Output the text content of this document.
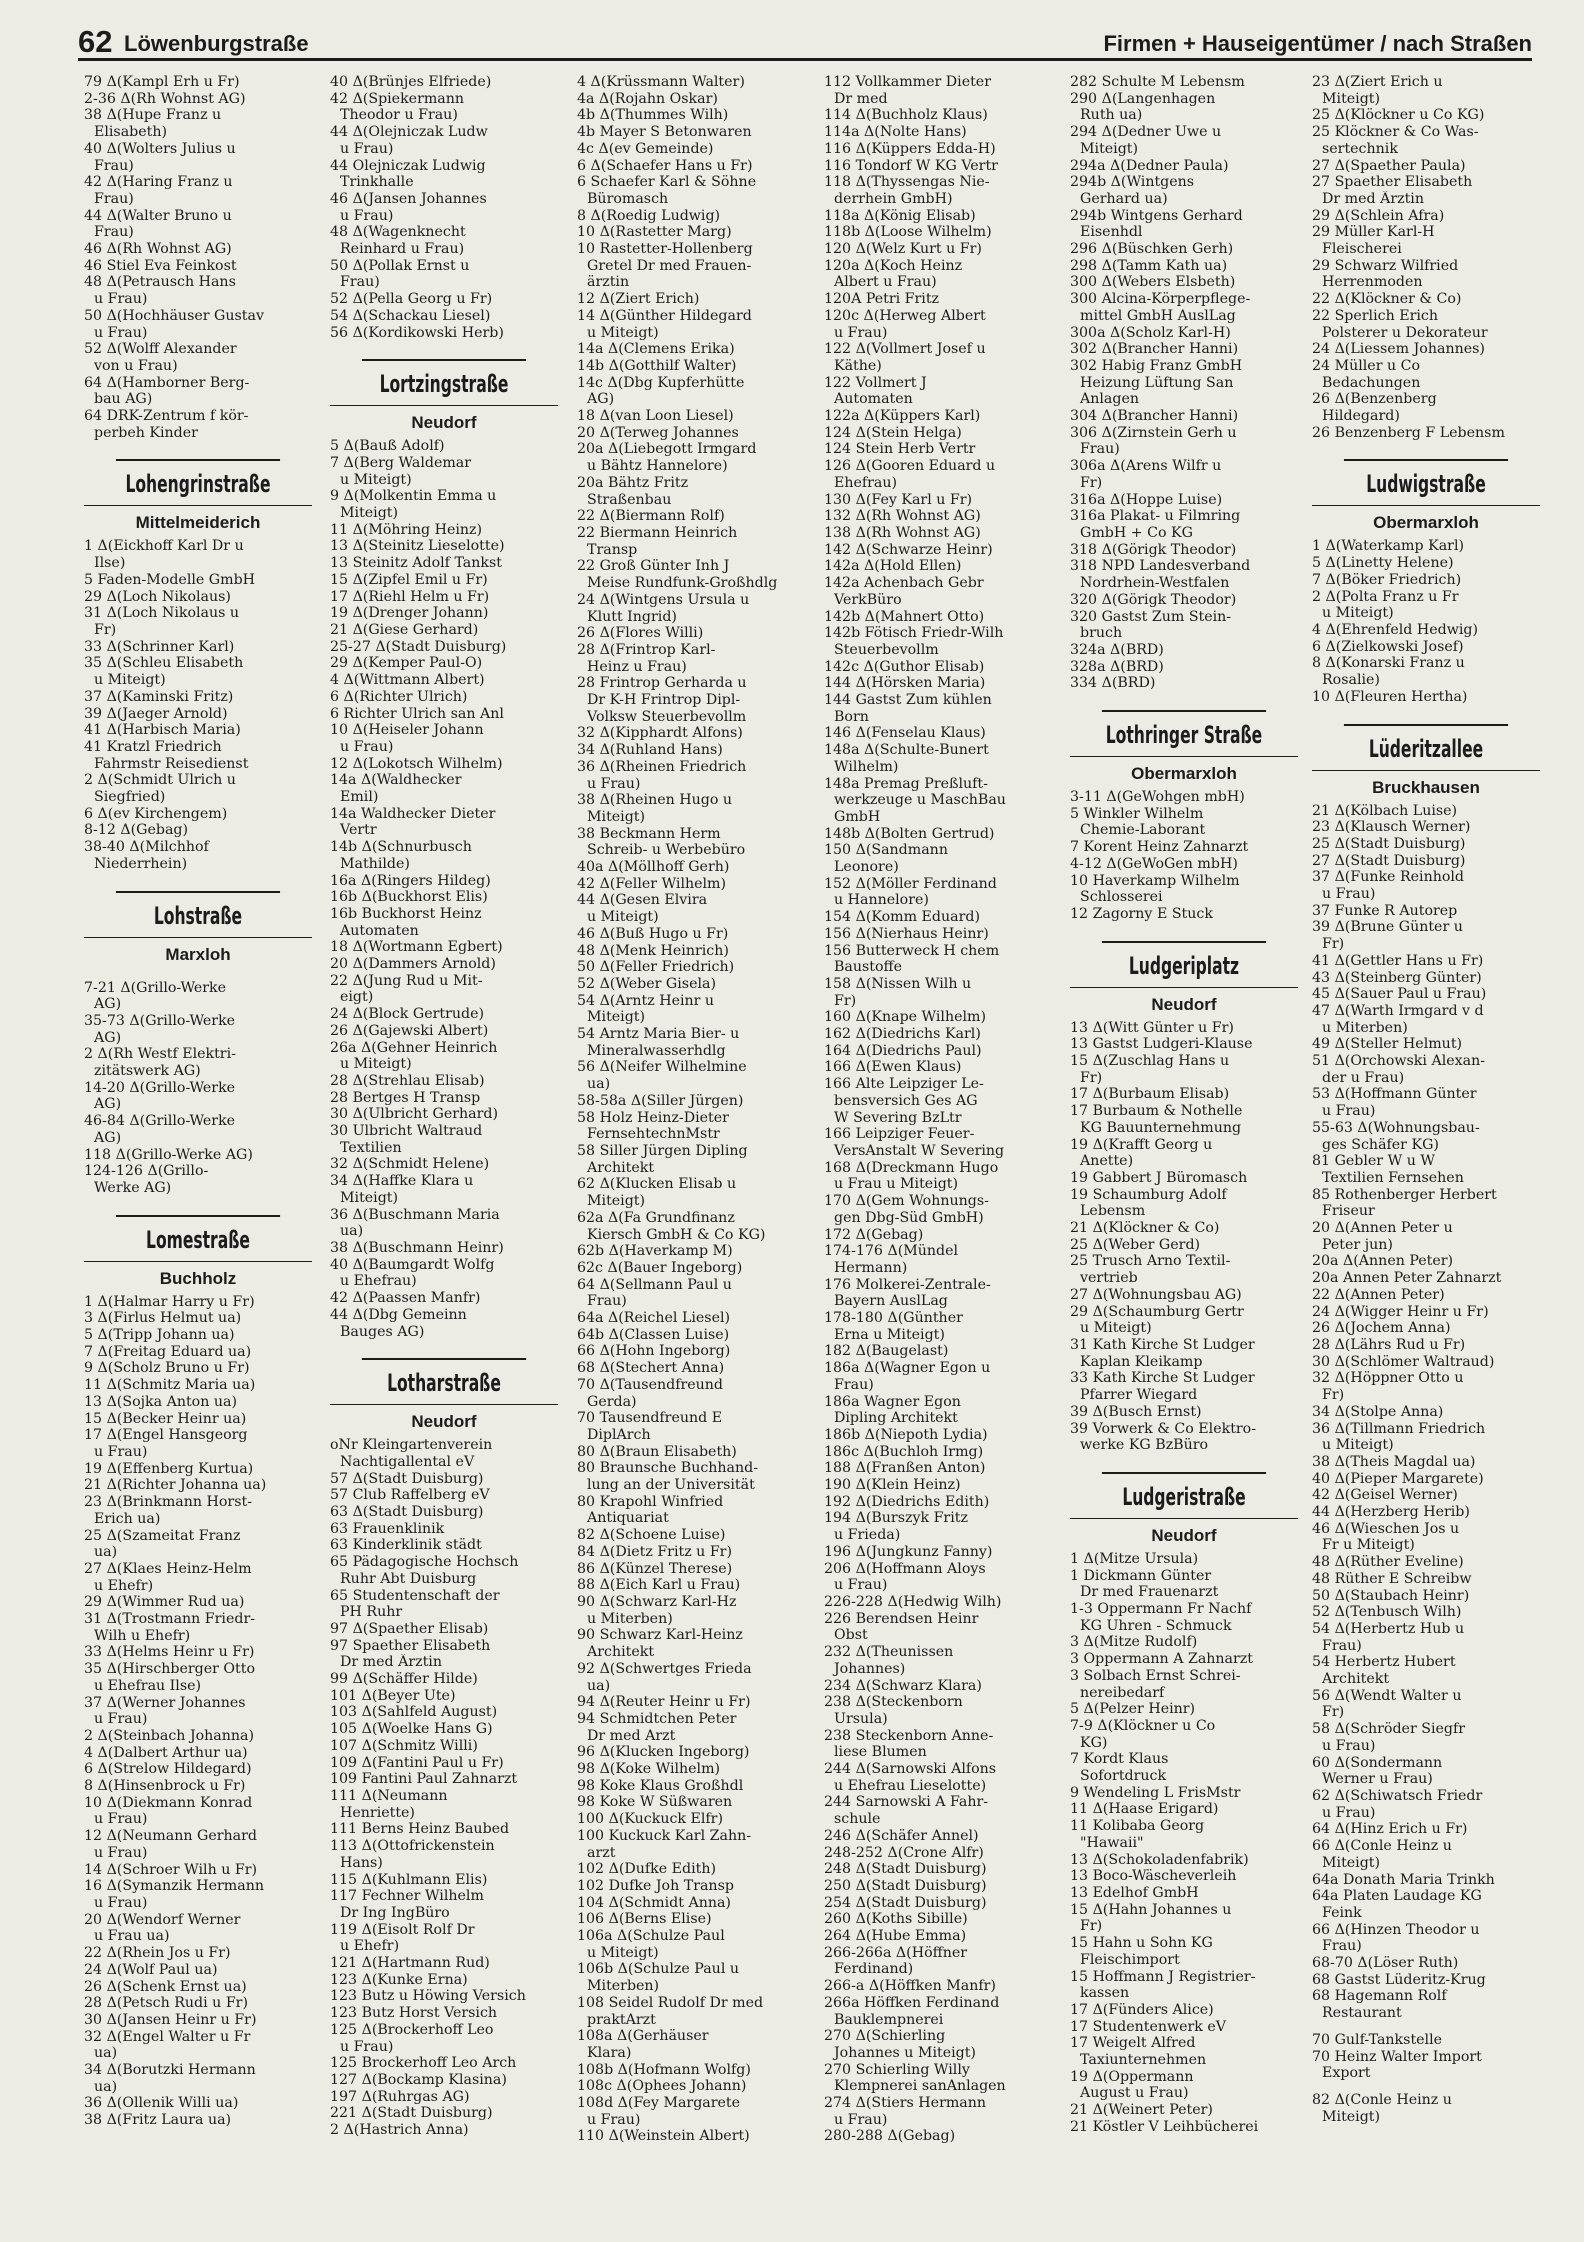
62 Löwenburgstraße	Firmen + Hauseigentümer / nach Straßen
79 Δ(Kampl Erh u Fr)
2-36 Δ(Rh Wohnst AG)
38 Δ(Hupe Franz u
Elisabeth)
40 Δ(Wolters Julius u
Frau)
42 Δ(Haring Franz u
Frau)
44 Δ(Walter Bruno u
Frau)
46 Δ(Rh Wohnst AG)
46 Stiel Eva Feinkost
48 Δ(Petrausch Hans
u Frau)
50 Δ(Hochhäuser Gustav
u Frau)
52 Δ(Wolff Alexander
von u Frau)
64 Δ(Hamborner Berg-
bau AG)
64 DRK-Zentrum f kör-
perbeh Kinder
Lohengrinstraße
Mittelmeiderich
1 Δ(Eickhoff Karl Dr u
Ilse)
5 Faden-Modelle GmbH
29 Δ(Loch Nikolaus)
31 Δ(Loch Nikolaus u
Fr)
33 Δ(Schrinner Karl)
35 Δ(Schleu Elisabeth
u Miteigt)
37 Δ(Kaminski Fritz)
39 Δ(Jaeger Arnold)
41 Δ(Harbisch Maria)
41 Kratzl Friedrich
Fahrmstr Reisedienst
2 Δ(Schmidt Ulrich u
Siegfried)
6 Δ(ev Kirchengem)
8-12 Δ(Gebag)
38-40 Δ(Milchhof
Niederrhein)
Lohstraße
Marxloh
7-21 Δ(Grillo-Werke
AG)
35-73 Δ(Grillo-Werke
AG)
2 Δ(Rh Westf Elektri-
zitätswerk AG)
14-20 Δ(Grillo-Werke
AG)
46-84 Δ(Grillo-Werke
AG)
118 Δ(Grillo-Werke AG)
124-126 Δ(Grillo-
Werke AG)
Lomestraße
Buchholz
1 Δ(Halmar Harry u Fr)
3 Δ(Firlus Helmut ua)
5 Δ(Tripp Johann ua)
7 Δ(Freitag Eduard ua)
9 Δ(Scholz Bruno u Fr)
11 Δ(Schmitz Maria ua)
13 Δ(Sojka Anton ua)
15 Δ(Becker Heinr ua)
17 Δ(Engel Hansgeorg
u Frau)
19 Δ(Effenberg Kurtua)
21 Δ(Richter Johanna ua)
23 Δ(Brinkmann Horst-
Erich ua)
25 Δ(Szameitat Franz
ua)
27 Δ(Klaes Heinz-Helm
u Ehefr)
29 Δ(Wimmer Rud ua)
31 Δ(Trostmann Friedr-
Wilh u Ehefr)
33 Δ(Helms Heinr u Fr)
35 Δ(Hirschberger Otto
u Ehefrau Ilse)
37 Δ(Werner Johannes
u Frau)
2 Δ(Steinbach Johanna)
4 Δ(Dalbert Arthur ua)
6 Δ(Strelow Hildegard)
8 Δ(Hinsenbrock u Fr)
10 Δ(Diekmann Konrad
u Frau)
12 Δ(Neumann Gerhard
u Frau)
14 Δ(Schroer Wilh u Fr)
16 Δ(Symanzik Hermann
u Frau)
20 Δ(Wendorf Werner
u Frau ua)
22 Δ(Rhein Jos u Fr)
24 Δ(Wolf Paul ua)
26 Δ(Schenk Ernst ua)
28 Δ(Petsch Rudi u Fr)
30 Δ(Jansen Heinr u Fr)
32 Δ(Engel Walter u Fr
ua)
34 Δ(Borutzki Hermann
ua)
36 Δ(Ollenik Willi ua)
38 Δ(Fritz Laura ua)
40 Δ(Brünjes Elfriede)
42 Δ(Spiekermann
Theodor u Frau)
44 Δ(Olejniczak Ludw
u Frau)
44 Olejniczak Ludwig
Trinkhalle
46 Δ(Jansen Johannes
u Frau)
48 Δ(Wagenknecht
Reinhard u Frau)
50 Δ(Pollak Ernst u
Frau)
52 Δ(Pella Georg u Fr)
54 Δ(Schackau Liesel)
56 Δ(Kordikowski Herb)
Lortzingstraße
Neudorf
5 Δ(Bauß Adolf)
7 Δ(Berg Waldemar
u Miteigt)
9 Δ(Molkentin Emma u
Miteigt)
11 Δ(Möhring Heinz)
13 Δ(Steinitz Lieselotte)
13 Steinitz Adolf Tankst
15 Δ(Zipfel Emil u Fr)
17 Δ(Riehl Helm u Fr)
19 Δ(Drenger Johann)
21 Δ(Giese Gerhard)
25-27 Δ(Stadt Duisburg)
29 Δ(Kemper Paul-O)
4 Δ(Wittmann Albert)
6 Δ(Richter Ulrich)
6 Richter Ulrich san Anl
10 Δ(Heiseler Johann
u Frau)
12 Δ(Lokotsch Wilhelm)
14a Δ(Waldhecker
Emil)
14a Waldhecker Dieter
Vertr
14b Δ(Schnurbusch
Mathilde)
16a Δ(Ringers Hildeg)
16b Δ(Buckhorst Elis)
16b Buckhorst Heinz
Automaten
18 Δ(Wortmann Egbert)
20 Δ(Dammers Arnold)
22 Δ(Jung Rud u Mit-
eigt)
24 Δ(Block Gertrude)
26 Δ(Gajewski Albert)
26a Δ(Gehner Heinrich
u Miteigt)
28 Δ(Strehlau Elisab)
28 Bertges H Transp
30 Δ(Ulbricht Gerhard)
30 Ulbricht Waltraud
Textilien
32 Δ(Schmidt Helene)
34 Δ(Haffke Klara u
Miteigt)
36 Δ(Buschmann Maria
ua)
38 Δ(Buschmann Heinr)
40 Δ(Baumgardt Wolfg
u Ehefrau)
42 Δ(Paassen Manfr)
44 Δ(Dbg Gemeinn
Bauges AG)
Lotharstraße
Neudorf
oNr Kleingartenverein
Nachtigallental eV
57 Δ(Stadt Duisburg)
57 Club Raffelberg eV
63 Δ(Stadt Duisburg)
63 Frauenklinik
63 Kinderklinik städt
65 Pädagogische Hochsch
Ruhr Abt Duisburg
65 Studentenschaft der
PH Ruhr
97 Δ(Spaether Elisab)
97 Spaether Elisabeth
Dr med Ärztin
99 Δ(Schäffer Hilde)
101 Δ(Beyer Ute)
103 Δ(Sahlfeld August)
105 Δ(Woelke Hans G)
107 Δ(Schmitz Willi)
109 Δ(Fantini Paul u Fr)
109 Fantini Paul Zahnarzt
111 Δ(Neumann
Henriette)
111 Berns Heinz Baubed
113 Δ(Ottofrickenstein
Hans)
115 Δ(Kuhlmann Elis)
117 Fechner Wilhelm
Dr Ing IngBüro
119 Δ(Eisolt Rolf Dr
u Ehefr)
121 Δ(Hartmann Rud)
123 Δ(Kunke Erna)
123 Butz u Höwing Versich
123 Butz Horst Versich
125 Δ(Brockerhoff Leo
u Frau)
125 Brockerhoff Leo Arch
127 Δ(Bockamp Klasina)
197 Δ(Ruhrgas AG)
221 Δ(Stadt Duisburg)
2 Δ(Hastrich Anna)
4 Δ(Krüssmann Walter)
4a Δ(Rojahn Oskar)
4b Δ(Thummes Wilh)
4b Mayer S Betonwaren
4c Δ(ev Gemeinde)
6 Δ(Schaefer Hans u Fr)
6 Schaefer Karl & Söhne
Büromasch
8 Δ(Roedig Ludwig)
10 Δ(Rastetter Marg)
10 Rastetter-Hollenberg
Gretel Dr med Frauen-
ärztin
12 Δ(Ziert Erich)
14 Δ(Günther Hildegard
u Miteigt)
14a Δ(Clemens Erika)
14b Δ(Gotthilf Walter)
14c Δ(Dbg Kupferhütte
AG)
18 Δ(van Loon Liesel)
20 Δ(Terweg Johannes
20a Δ(Liebegott Irmgard
u Bähtz Hannelore)
20a Bähtz Fritz
Straßenbau
22 Δ(Biermann Rolf)
22 Biermann Heinrich
Transp
22 Groß Günter Inh J
Meise Rundfunk-Großhdlg
24 Δ(Wintgens Ursula u
Klutt Ingrid)
26 Δ(Flores Willi)
28 Δ(Frintrop Karl-
Heinz u Frau)
28 Frintrop Gerharda u
Dr K-H Frintrop Dipl-
Volksw Steuerbevollm
32 Δ(Kipphardt Alfons)
34 Δ(Ruhland Hans)
36 Δ(Rheinen Friedrich
u Frau)
38 Δ(Rheinen Hugo u
Miteigt)
38 Beckmann Herm
Schreib- u Werbebüro
40a Δ(Möllhoff Gerh)
42 Δ(Feller Wilhelm)
44 Δ(Gesen Elvira
u Miteigt)
46 Δ(Buß Hugo u Fr)
48 Δ(Menk Heinrich)
50 Δ(Feller Friedrich)
52 Δ(Weber Gisela)
54 Δ(Arntz Heinr u
Miteigt)
54 Arntz Maria Bier- u
Mineralwasserhdlg
56 Δ(Neifer Wilhelmine
ua)
58-58a Δ(Siller Jürgen)
58 Holz Heinz-Dieter
FernsehtechnMstr
58 Siller Jürgen Dipling
Architekt
62 Δ(Klucken Elisab u
Miteigt)
62a Δ(Fa Grundfinanz
Kiersch GmbH & Co KG)
62b Δ(Haverkamp M)
62c Δ(Bauer Ingeborg)
64 Δ(Sellmann Paul u
Frau)
64a Δ(Reichel Liesel)
64b Δ(Classen Luise)
66 Δ(Hohn Ingeborg)
68 Δ(Stechert Anna)
70 Δ(Tausendfreund
Gerda)
70 Tausendfreund E
DiplArch
80 Δ(Braun Elisabeth)
80 Braunsche Buchhand-
lung an der Universität
80 Krapohl Winfried
Antiquariat
82 Δ(Schoene Luise)
84 Δ(Dietz Fritz u Fr)
86 Δ(Künzel Therese)
88 Δ(Eich Karl u Frau)
90 Δ(Schwarz Karl-Hz
u Miterben)
90 Schwarz Karl-Heinz
Architekt
92 Δ(Schwertges Frieda
ua)
94 Δ(Reuter Heinr u Fr)
94 Schmidtchen Peter
Dr med Arzt
96 Δ(Klucken Ingeborg)
98 Δ(Koke Wilhelm)
98 Koke Klaus Großhdl
98 Koke W Süßwaren
100 Δ(Kuckuck Elfr)
100 Kuckuck Karl Zahn-
arzt
102 Δ(Dufke Edith)
102 Dufke Joh Transp
104 Δ(Schmidt Anna)
106 Δ(Berns Elise)
106a Δ(Schulze Paul
u Miteigt)
106b Δ(Schulze Paul u
Miterben)
108 Seidel Rudolf Dr med
praktArzt
108a Δ(Gerhäuser
Klara)
108b Δ(Hofmann Wolfg)
108c Δ(Ophees Johann)
108d Δ(Fey Margarete
u Frau)
110 Δ(Weinstein Albert)
112 Vollkammer Dieter
Dr med
114 Δ(Buchholz Klaus)
114a Δ(Nolte Hans)
116 Δ(Küppers Edda-H)
116 Tondorf W KG Vertr
118 Δ(Thyssengas Nie-
derrhein GmbH)
118a Δ(König Elisab)
118b Δ(Loose Wilhelm)
120 Δ(Welz Kurt u Fr)
120a Δ(Koch Heinz
Albert u Frau)
120A Petri Fritz
120c Δ(Herweg Albert
u Frau)
122 Δ(Vollmert Josef u
Käthe)
122 Vollmert J
Automaten
122a Δ(Küppers Karl)
124 Δ(Stein Helga)
124 Stein Herb Vertr
126 Δ(Gooren Eduard u
Ehefrau)
130 Δ(Fey Karl u Fr)
132 Δ(Rh Wohnst AG)
138 Δ(Rh Wohnst AG)
142 Δ(Schwarze Heinr)
142a Δ(Hold Ellen)
142a Achenbach Gebr
VerkBüro
142b Δ(Mahnert Otto)
142b Fötisch Friedr-Wilh
Steuerbevollm
142c Δ(Guthor Elisab)
144 Δ(Hörsken Maria)
144 Gastst Zum kühlen
Born
146 Δ(Fenselau Klaus)
148a Δ(Schulte-Bunert
Wilhelm)
148a Premag Preßluft-
werkzeuge u MaschBau
GmbH
148b Δ(Bolten Gertrud)
150 Δ(Sandmann
Leonore)
152 Δ(Möller Ferdinand
u Hannelore)
154 Δ(Komm Eduard)
156 Δ(Nierhaus Heinr)
156 Butterweck H chem
Baustoffe
158 Δ(Nissen Wilh u
Fr)
160 Δ(Knape Wilhelm)
162 Δ(Diedrichs Karl)
164 Δ(Diedrichs Paul)
166 Δ(Ewen Klaus)
166 Alte Leipziger Le-
bensversich Ges AG
W Severing BzLtr
166 Leipziger Feuer-
VersAnstalt W Severing
168 Δ(Dreckmann Hugo
u Frau u Miteigt)
170 Δ(Gem Wohnungs-
gen Dbg-Süd GmbH)
172 Δ(Gebag)
174-176 Δ(Mündel
Hermann)
176 Molkerei-Zentrale-
Bayern AuslLag
178-180 Δ(Günther
Erna u Miteigt)
182 Δ(Baugelast)
186a Δ(Wagner Egon u
Frau)
186a Wagner Egon
Dipling Architekt
186b Δ(Niepoth Lydia)
186c Δ(Buchloh Irmg)
188 Δ(Franßen Anton)
190 Δ(Klein Heinz)
192 Δ(Diedrichs Edith)
194 Δ(Burszyk Fritz
u Frieda)
196 Δ(Jungkunz Fanny)
206 Δ(Hoffmann Aloys
u Frau)
226-228 Δ(Hedwig Wilh)
226 Berendsen Heinr
Obst
232 Δ(Theunissen
Johannes)
234 Δ(Schwarz Klara)
238 Δ(Steckenborn
Ursula)
238 Steckenborn Anne-
liese Blumen
244 Δ(Sarnowski Alfons
u Ehefrau Lieselotte)
244 Sarnowski A Fahr-
schule
246 Δ(Schäfer Annel)
248-252 Δ(Crone Alfr)
248 Δ(Stadt Duisburg)
250 Δ(Stadt Duisburg)
254 Δ(Stadt Duisburg)
260 Δ(Koths Sibille)
264 Δ(Hube Emma)
266-266a Δ(Höffner
Ferdinand)
266-a Δ(Höffken Manfr)
266a Höffken Ferdinand
Bauklempnerei
270 Δ(Schierling
Johannes u Miteigt)
270 Schierling Willy
Klempnerei sanAnlagen
274 Δ(Stiers Hermann
u Frau)
280-288 Δ(Gebag)
282 Schulte M Lebensm
290 Δ(Langenhagen
Ruth ua)
294 Δ(Dedner Uwe u
Miteigt)
294a Δ(Dedner Paula)
294b Δ(Wintgens
Gerhard ua)
294b Wintgens Gerhard
Eisenhdl
296 Δ(Büschken Gerh)
298 Δ(Tamm Kath ua)
300 Δ(Webers Elsbeth)
300 Alcina-Körperpflege-
mittel GmbH AuslLag
300a Δ(Scholz Karl-H)
302 Δ(Brancher Hanni)
302 Habig Franz GmbH
Heizung Lüftung San
Anlagen
304 Δ(Brancher Hanni)
306 Δ(Zirnstein Gerh u
Frau)
306a Δ(Arens Wilfr u
Fr)
316a Δ(Hoppe Luise)
316a Plakat- u Filmring
GmbH + Co KG
318 Δ(Görigk Theodor)
318 NPD Landesverband
Nordrhein-Westfalen
320 Δ(Görigk Theodor)
320 Gastst Zum Stein-
bruch
324a Δ(BRD)
328a Δ(BRD)
334 Δ(BRD)
Lothringer Straße
Obermarxloh
3-11 Δ(GeWohgen mbH)
5 Winkler Wilhelm
Chemie-Laborant
7 Korent Heinz Zahnarzt
4-12 Δ(GeWoGen mbH)
10 Haverkamp Wilhelm
Schlosserei
12 Zagorny E Stuck
Ludgeriplatz
Neudorf
13 Δ(Witt Günter u Fr)
13 Gastst Ludgeri-Klause
15 Δ(Zuschlag Hans u
Fr)
17 Δ(Burbaum Elisab)
17 Burbaum & Nothelle
KG Bauunternehmung
19 Δ(Krafft Georg u
Anette)
19 Gabbert J Büromasch
19 Schaumburg Adolf
Lebensm
21 Δ(Klöckner & Co)
25 Δ(Weber Gerd)
25 Trusch Arno Textil-
vertrieb
27 Δ(Wohnungsbau AG)
29 Δ(Schaumburg Gertr
u Miteigt)
31 Kath Kirche St Ludger
Kaplan Kleikamp
33 Kath Kirche St Ludger
Pfarrer Wiegard
39 Δ(Busch Ernst)
39 Vorwerk & Co Elektro-
werke KG BzBüro
Ludgeristraße
Neudorf
1 Δ(Mitze Ursula)
1 Dickmann Günter
Dr med Frauenarzt
1-3 Oppermann Fr Nachf
KG Uhren - Schmuck
3 Δ(Mitze Rudolf)
3 Oppermann A Zahnarzt
3 Solbach Ernst Schrei-
nereibedarf
5 Δ(Pelzer Heinr)
7-9 Δ(Klöckner u Co
KG)
7 Kordt Klaus
Sofortdruck
9 Wendeling L FrisMstr
11 Δ(Haase Erigard)
11 Kolibaba Georg
"Hawaii"
13 Δ(Schokoladenfabrik)
13 Boco-Wäscheverleih
13 Edelhof GmbH
15 Δ(Hahn Johannes u
Fr)
15 Hahn u Sohn KG
Fleischimport
15 Hoffmann J Registrier-
kassen
17 Δ(Fünders Alice)
17 Studentenwerk eV
17 Weigelt Alfred
Taxiunternehmen
19 Δ(Oppermann
August u Frau)
21 Δ(Weinert Peter)
21 Köstler V Leihbücherei
23 Δ(Ziert Erich u
Miteigt)
25 Δ(Klöckner u Co KG)
25 Klöckner & Co Was-
sertechnik
27 Δ(Spaether Paula)
27 Spaether Elisabeth
Dr med Ärztin
29 Δ(Schlein Afra)
29 Müller Karl-H
Fleischerei
29 Schwarz Wilfried
Herrenmoden
22 Δ(Klöckner & Co)
22 Sperlich Erich
Polsterer u Dekorateur
24 Δ(Liessem Johannes)
24 Müller u Co
Bedachungen
26 Δ(Benzenberg
Hildegard)
26 Benzenberg F Lebensm
Ludwigstraße
Obermarxloh
1 Δ(Waterkamp Karl)
5 Δ(Linetty Helene)
7 Δ(Böker Friedrich)
2 Δ(Polta Franz u Fr
u Miteigt)
4 Δ(Ehrenfeld Hedwig)
6 Δ(Zielkowski Josef)
8 Δ(Konarski Franz u
Rosalie)
10 Δ(Fleuren Hertha)
Lüderitzallee
Bruckhausen
21 Δ(Kölbach Luise)
23 Δ(Klausch Werner)
25 Δ(Stadt Duisburg)
27 Δ(Stadt Duisburg)
37 Δ(Funke Reinhold
u Frau)
37 Funke R Autorep
39 Δ(Brune Günter u
Fr)
41 Δ(Gettler Hans u Fr)
43 Δ(Steinberg Günter)
45 Δ(Sauer Paul u Frau)
47 Δ(Warth Irmgard v d
u Miterben)
49 Δ(Steller Helmut)
51 Δ(Orchowski Alexan-
der u Frau)
53 Δ(Hoffmann Günter
u Frau)
55-63 Δ(Wohnungsbau-
ges Schäfer KG)
81 Gebler W u W
Textilien Fernsehen
85 Rothenberger Herbert
Friseur
20 Δ(Annen Peter u
Peter jun)
20a Δ(Annen Peter)
20a Annen Peter Zahnarzt
22 Δ(Annen Peter)
24 Δ(Wigger Heinr u Fr)
26 Δ(Jochem Anna)
28 Δ(Lährs Rud u Fr)
30 Δ(Schlömer Waltraud)
32 Δ(Höppner Otto u
Fr)
34 Δ(Stolpe Anna)
36 Δ(Tillmann Friedrich
u Miteigt)
38 Δ(Theis Magdal ua)
40 Δ(Pieper Margarete)
42 Δ(Geisel Werner)
44 Δ(Herzberg Herib)
46 Δ(Wieschen Jos u
Fr u Miteigt)
48 Δ(Rüther Eveline)
48 Rüther E Schreibw
50 Δ(Staubach Heinr)
52 Δ(Tenbusch Wilh)
54 Δ(Herbertz Hub u
Frau)
54 Herbertz Hubert
Architekt
56 Δ(Wendt Walter u
Fr)
58 Δ(Schröder Siegfr
u Frau)
60 Δ(Sondermann
Werner u Frau)
62 Δ(Schiwatsch Friedr
u Frau)
64 Δ(Hinz Erich u Fr)
66 Δ(Conle Heinz u
Miteigt)
64a Donath Maria Trinkh
64a Platen Laudage KG
Feink
66 Δ(Hinzen Theodor u
Frau)
68-70 Δ(Löser Ruth)
68 Gastst Lüderitz-Krug
68 Hagemann Rolf
Restaurant
70 Gulf-Tankstelle
70 Heinz Walter Import
Export
82 Δ(Conle Heinz u
Miteigt)
